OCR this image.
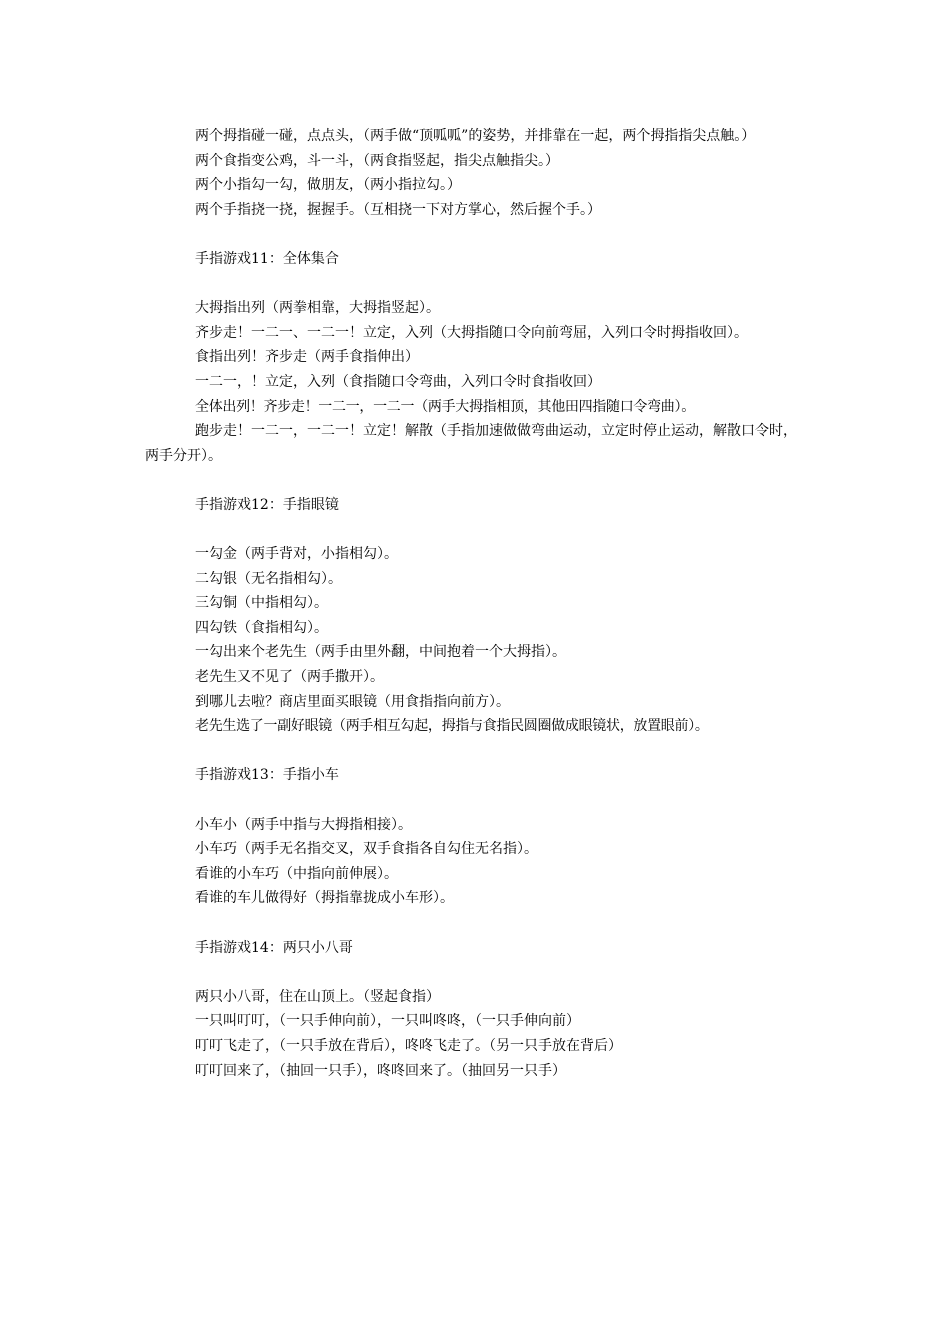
两个拇指碰一碰，点点头，（两手做“顶呱呱”的姿势，并排靠在一起，两个拇指指尖点触。）

两个食指变公鸡，斗一斗，（两食指竖起，指尖点触指尖。）

两个小指勾一勾，做朋友，（两小指拉勾。）

两个手指挠一挠，握握手。（互相挠一下对方掌心，然后握个手。）

手指游戏11：全体集合

大拇指出列（两拳相靠，大拇指竖起）。

齐步走！一二一、一二一！立定，入列（大拇指随口令向前弯屈，入列口令时拇指收回）。

食指出列！齐步走（两手食指伸出）

一二一，！立定，入列（食指随口令弯曲，入列口令时食指收回）

全体出列！齐步走！一二一，一二一（两手大拇指相顶，其他田四指随口令弯曲）。

跑步走！一二一，一二一！立定！解散（手指加速做做弯曲运动，立定时停止运动，解散口令时，两手分开）。

手指游戏12：手指眼镜

一勾金（两手背对，小指相勾）。

二勾银（无名指相勾）。

三勾铜（中指相勾）。

四勾铁（食指相勾）。

一勾出来个老先生（两手由里外翻，中间抱着一个大拇指）。

老先生又不见了（两手撒开）。

到哪儿去啦？商店里面买眼镜（用食指指向前方）。

老先生选了一副好眼镜（两手相互勾起，拇指与食指民圆圈做成眼镜状，放置眼前）。

手指游戏13：手指小车

小车小（两手中指与大拇指相接）。

小车巧（两手无名指交叉，双手食指各自勾住无名指）。

看谁的小车巧（中指向前伸展）。

看谁的车儿做得好（拇指靠拢成小车形）。

手指游戏14：两只小八哥

两只小八哥，住在山顶上。（竖起食指）

一只叫叮叮，（一只手伸向前），一只叫咚咚，（一只手伸向前）

叮叮飞走了，（一只手放在背后），咚咚飞走了。（另一只手放在背后）

叮叮回来了，（抽回一只手），咚咚回来了。（抽回另一只手）
